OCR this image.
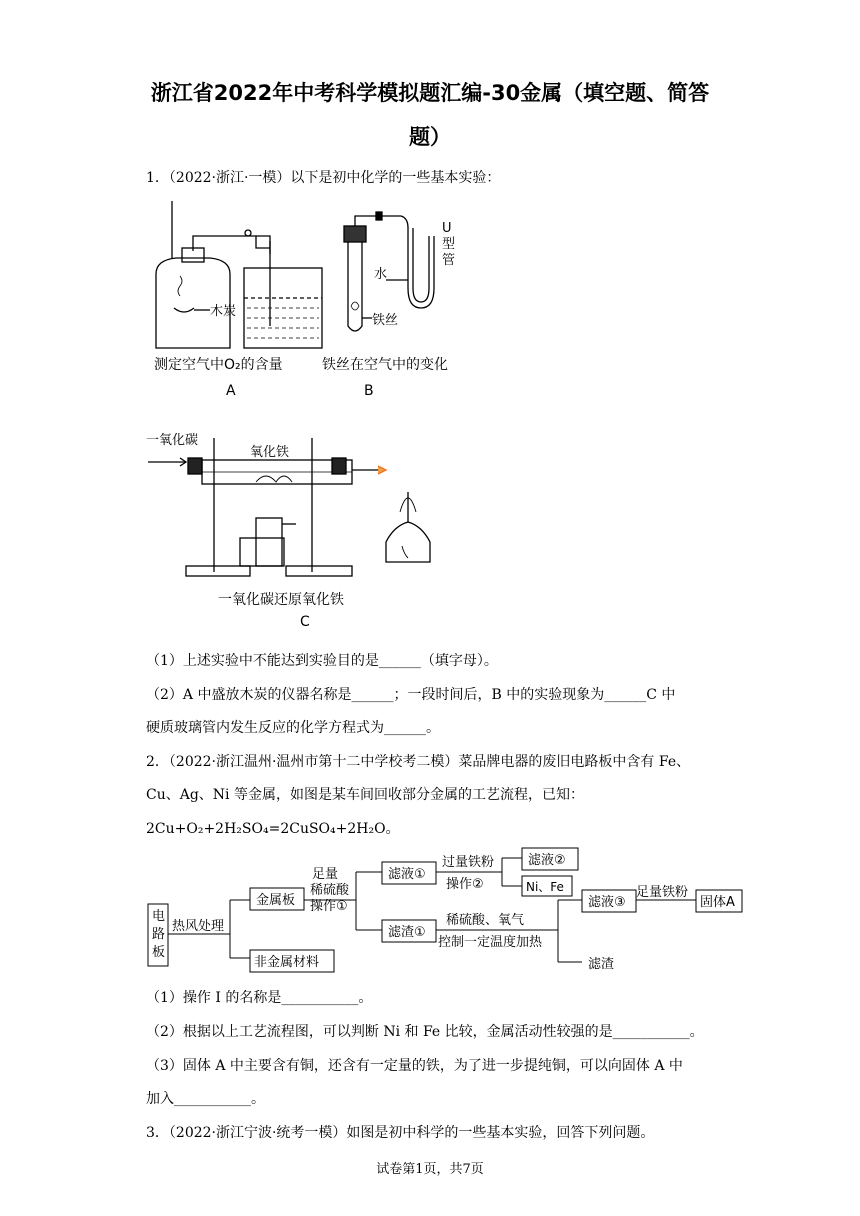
浙江省2022年中考科学模拟题汇编-30金属（填空题、简答
题）
1．（2022·浙江·一模）以下是初中化学的一些基本实验：
木炭
测定空气中O₂的含量
A
U
型
管
水
铁丝
铁丝在空气中的变化
B
一氧化碳
氧化铁
一氧化碳还原氧化铁
C
（1）上述实验中不能达到实验目的是______（填字母）。
（2）A 中盛放木炭的仪器名称是______；一段时间后，B 中的实验现象为______C 中
硬质玻璃管内发生反应的化学方程式为______。
2．（2022·浙江温州·温州市第十二中学校考二模）菜品牌电器的废旧电路板中含有 Fe、
Cu、Ag、Ni 等金属，如图是某车间回收部分金属的工艺流程，已知：
2Cu+O₂+2H₂SO₄=2CuSO₄+2H₂O。
电
路
板
热风处理
金属板
非金属材料
足量
稀硫酸
操作①
滤液①
滤渣①
过量铁粉
操作②
滤液②
Ni、Fe
稀硫酸、氧气
控制一定温度加热
滤液③
足量铁粉
固体A
滤渣
（1）操作 I 的名称是___________。
（2）根据以上工艺流程图，可以判断 Ni 和 Fe 比较，金属活动性较强的是___________。
（3）固体 A 中主要含有铜，还含有一定量的铁，为了进一步提纯铜，可以向固体 A 中
加入___________。
3．（2022·浙江宁波·统考一模）如图是初中科学的一些基本实验，回答下列问题。
试卷第1页，共7页
